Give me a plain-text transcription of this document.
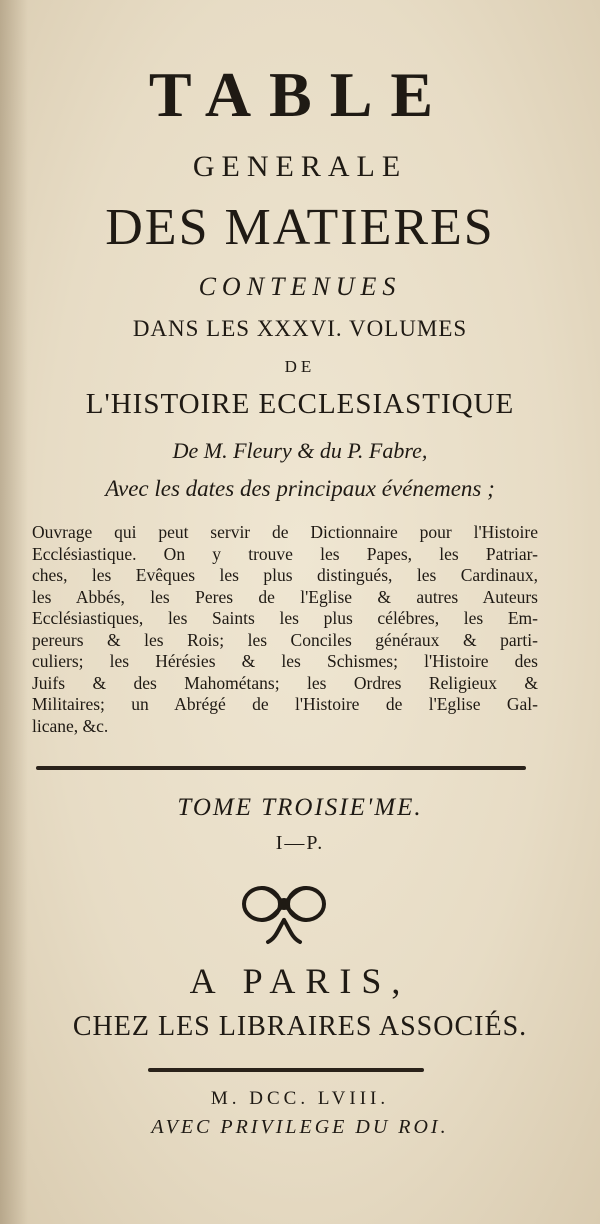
TABLE
GENERALE
DES MATIERES
CONTENUES
DANS LES XXXVI. VOLUMES
DE
L'HISTOIRE ECCLESIASTIQUE
De M. Fleury & du P. Fabre,
Avec les dates des principaux événemens ;
Ouvrage qui peut servir de Dictionnaire pour l'Histoire
Ecclésiastique. On y trouve les Papes, les Patriar-
ches, les Evêques les plus distingués, les Cardinaux,
les Abbés, les Peres de l'Eglise & autres Auteurs
Ecclésiastiques, les Saints les plus célébres, les Em-
pereurs & les Rois; les Conciles généraux & parti-
culiers; les Hérésies & les Schismes; l'Histoire des
Juifs & des Mahométans; les Ordres Religieux &
Militaires; un Abrégé de l'Histoire de l'Eglise Gal-
licane, &c.
TOME TROISIE'ME.
I—P.
A PARIS,
CHEZ LES LIBRAIRES ASSOCIÉS.
M. DCC. LVIII.
AVEC PRIVILEGE DU ROI.
